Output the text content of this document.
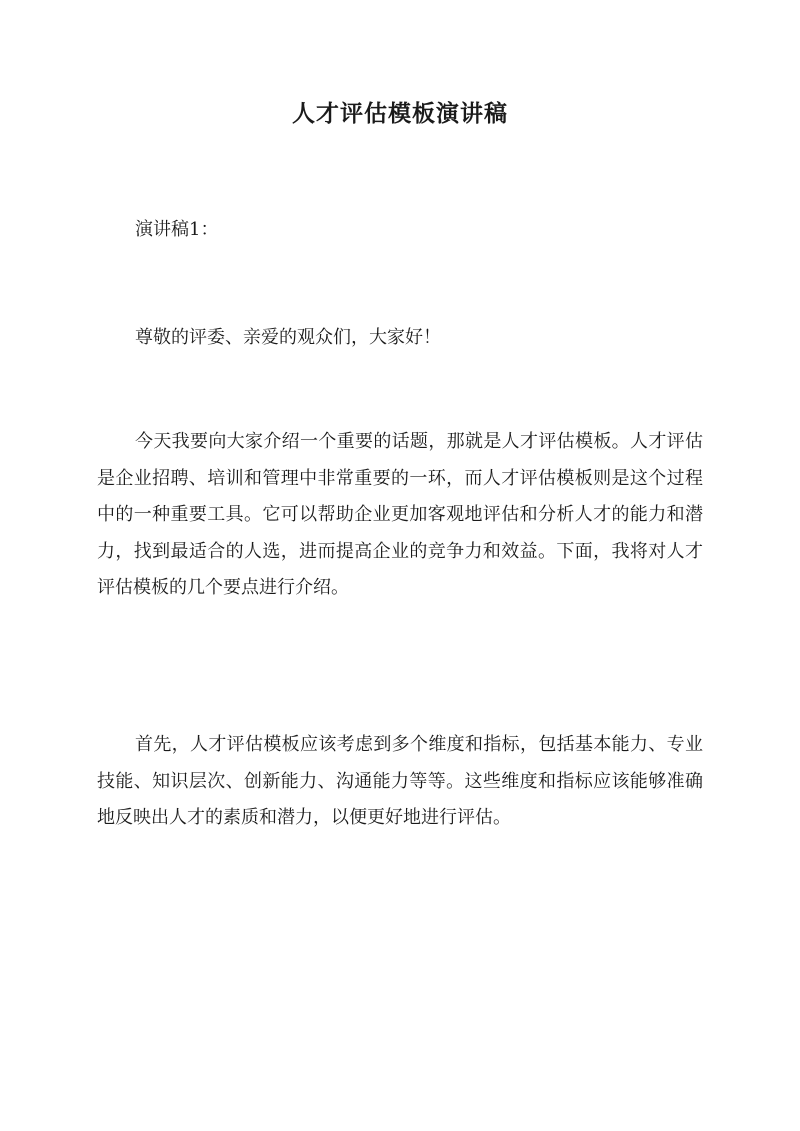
人才评估模板演讲稿

演讲稿1：

尊敬的评委、亲爱的观众们，大家好！

今天我要向大家介绍一个重要的话题，那就是人才评估模板。人才评估是企业招聘、培训和管理中非常重要的一环，而人才评估模板则是这个过程中的一种重要工具。它可以帮助企业更加客观地评估和分析人才的能力和潜力，找到最适合的人选，进而提高企业的竞争力和效益。下面，我将对人才评估模板的几个要点进行介绍。

首先，人才评估模板应该考虑到多个维度和指标，包括基本能力、专业技能、知识层次、创新能力、沟通能力等等。这些维度和指标应该能够准确地反映出人才的素质和潜力，以便更好地进行评估。
